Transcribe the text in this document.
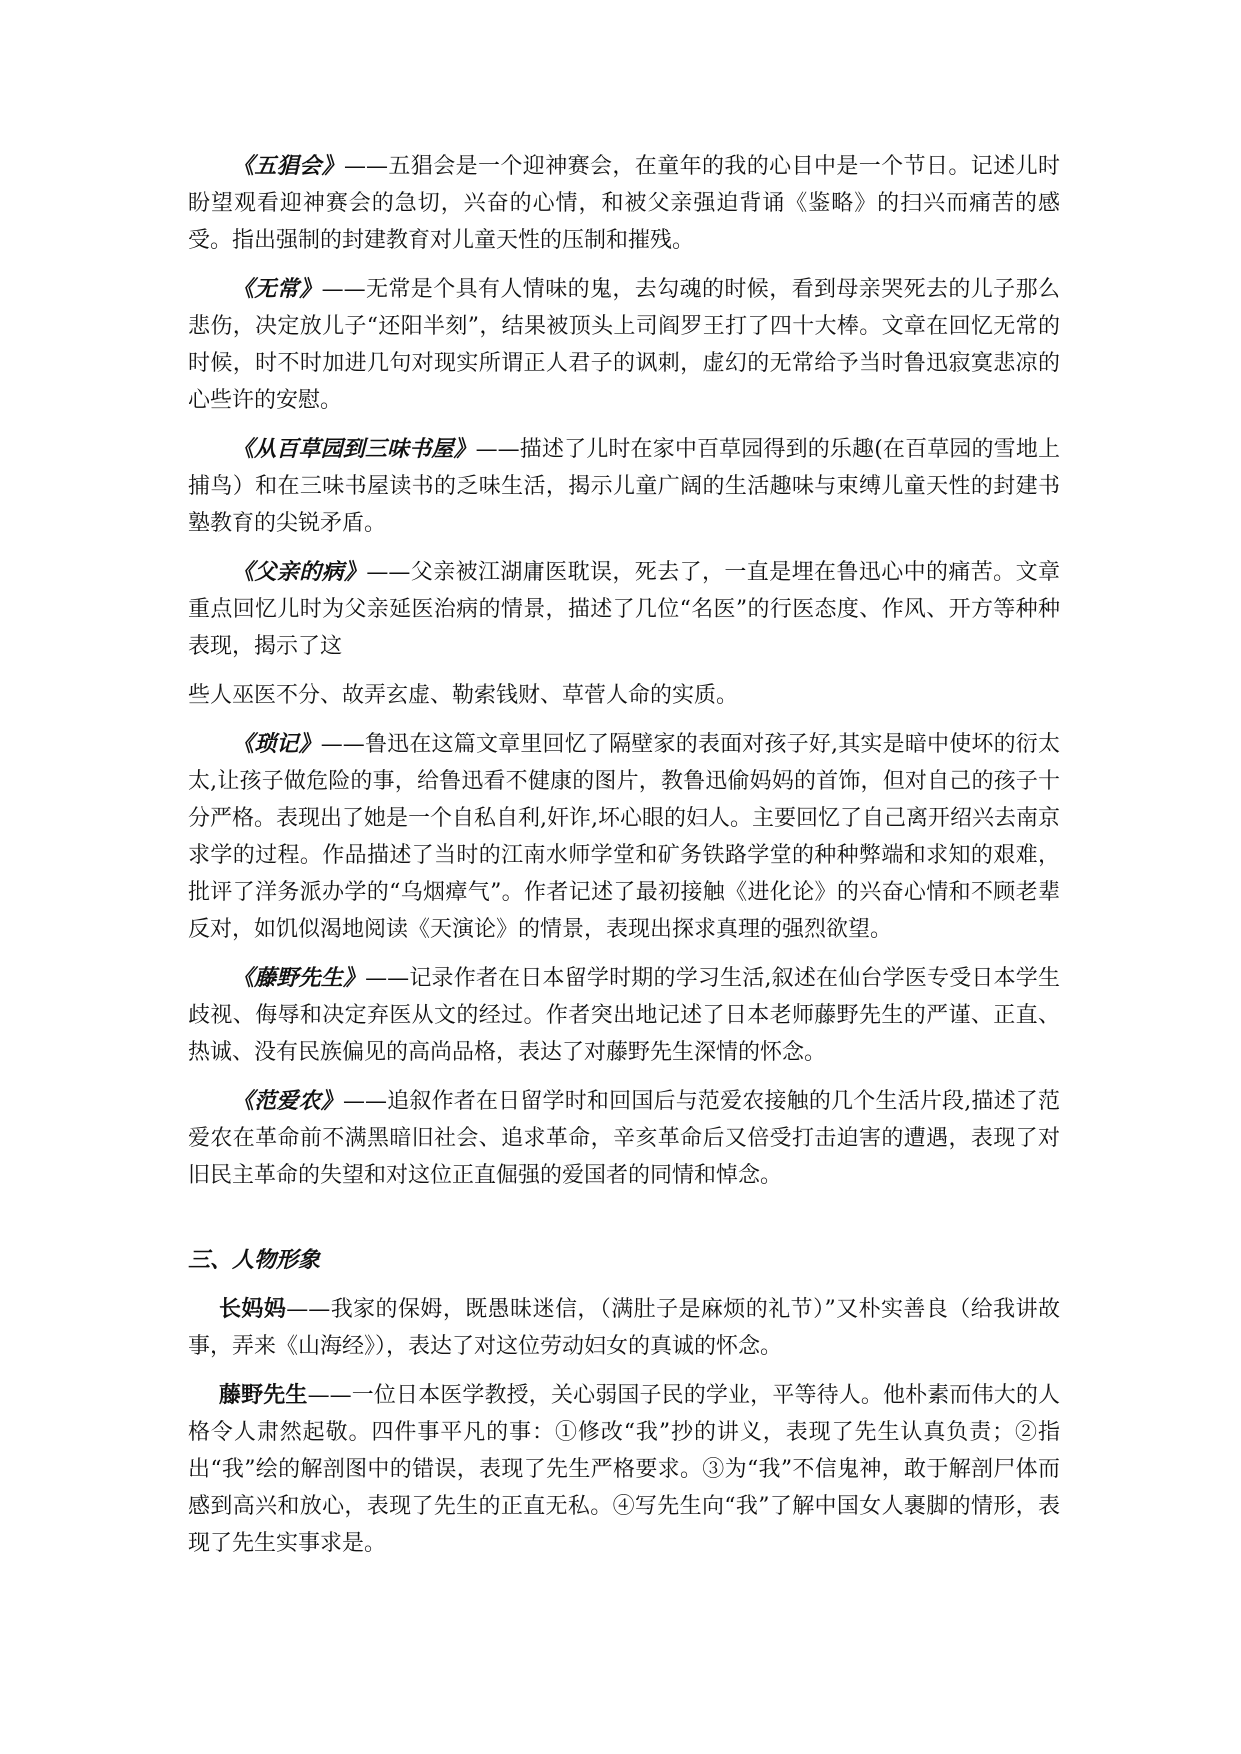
《五猖会》——五猖会是一个迎神赛会，在童年的我的心目中是一个节日。记述儿时盼望观看迎神赛会的急切，兴奋的心情，和被父亲强迫背诵《鉴略》的扫兴而痛苦的感受。指出强制的封建教育对儿童天性的压制和摧残。

《无常》——无常是个具有人情味的鬼，去勾魂的时候，看到母亲哭死去的儿子那么悲伤，决定放儿子“还阳半刻”，结果被顶头上司阎罗王打了四十大棒。文章在回忆无常的时候，时不时加进几句对现实所谓正人君子的讽刺，虚幻的无常给予当时鲁迅寂寞悲凉的心些许的安慰。

《从百草园到三味书屋》——描述了儿时在家中百草园得到的乐趣(在百草园的雪地上捕鸟）和在三味书屋读书的乏味生活，揭示儿童广阔的生活趣味与束缚儿童天性的封建书塾教育的尖锐矛盾。

《父亲的病》——父亲被江湖庸医耽误，死去了，一直是埋在鲁迅心中的痛苦。文章重点回忆儿时为父亲延医治病的情景，描述了几位“名医”的行医态度、作风、开方等种种表现，揭示了这

些人巫医不分、故弄玄虚、勒索钱财、草菅人命的实质。

《琐记》——鲁迅在这篇文章里回忆了隔壁家的表面对孩子好,其实是暗中使坏的衍太太,让孩子做危险的事，给鲁迅看不健康的图片，教鲁迅偷妈妈的首饰，但对自己的孩子十分严格。表现出了她是一个自私自利,奸诈,坏心眼的妇人。主要回忆了自己离开绍兴去南京求学的过程。作品描述了当时的江南水师学堂和矿务铁路学堂的种种弊端和求知的艰难，批评了洋务派办学的“乌烟瘴气”。作者记述了最初接触《进化论》的兴奋心情和不顾老辈反对，如饥似渴地阅读《天演论》的情景，表现出探求真理的强烈欲望。

《藤野先生》——记录作者在日本留学时期的学习生活,叙述在仙台学医专受日本学生歧视、侮辱和决定弃医从文的经过。作者突出地记述了日本老师藤野先生的严谨、正直、热诚、没有民族偏见的高尚品格，表达了对藤野先生深情的怀念。

《范爱农》——追叙作者在日留学时和回国后与范爱农接触的几个生活片段,描述了范爱农在革命前不满黑暗旧社会、追求革命，辛亥革命后又倍受打击迫害的遭遇，表现了对旧民主革命的失望和对这位正直倔强的爱国者的同情和悼念。

三、人物形象

长妈妈——我家的保姆，既愚昧迷信，（满肚子是麻烦的礼节）”又朴实善良（给我讲故事，弄来《山海经》），表达了对这位劳动妇女的真诚的怀念。

藤野先生——一位日本医学教授，关心弱国子民的学业，平等待人。他朴素而伟大的人格令人肃然起敬。四件事平凡的事：①修改“我”抄的讲义，表现了先生认真负责；②指出“我”绘的解剖图中的错误，表现了先生严格要求。③为“我”不信鬼神，敢于解剖尸体而感到高兴和放心，表现了先生的正直无私。④写先生向“我”了解中国女人裹脚的情形，表现了先生实事求是。
